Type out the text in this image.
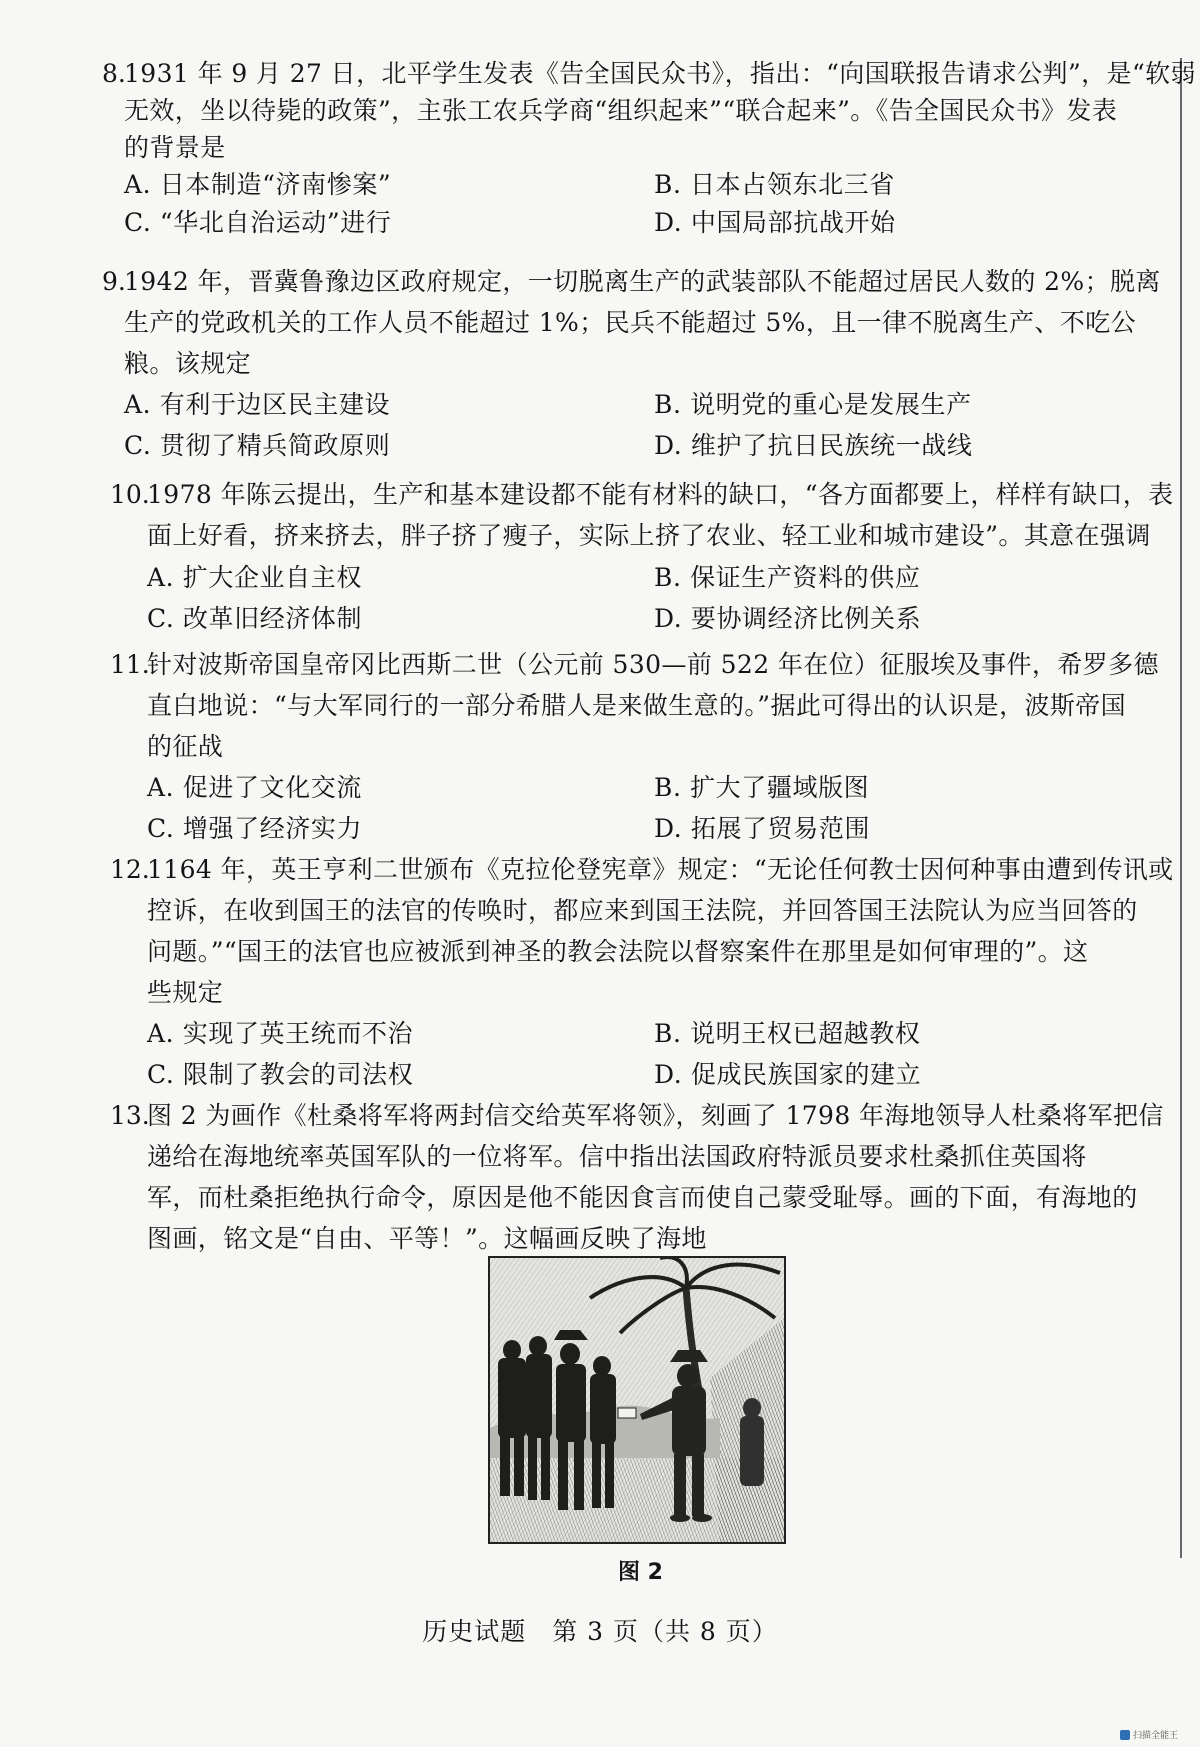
8.
1931 年 9 月 27 日，北平学生发表《告全国民众书》，指出：“向国联报告请求公判”，是“软弱
无效，坐以待毙的政策”，主张工农兵学商“组织起来”“联合起来”。《告全国民众书》发表
的背景是
A. 日本制造“济南惨案”	B. 日本占领东北三省
C. “华北自治运动”进行	D. 中国局部抗战开始
9.
1942 年，晋冀鲁豫边区政府规定，一切脱离生产的武装部队不能超过居民人数的 2%；脱离
生产的党政机关的工作人员不能超过 1%；民兵不能超过 5%，且一律不脱离生产、不吃公
粮。该规定
A. 有利于边区民主建设	B. 说明党的重心是发展生产
C. 贯彻了精兵简政原则	D. 维护了抗日民族统一战线
10.
1978 年陈云提出，生产和基本建设都不能有材料的缺口，“各方面都要上，样样有缺口，表
面上好看，挤来挤去，胖子挤了瘦子，实际上挤了农业、轻工业和城市建设”。其意在强调
A. 扩大企业自主权	B. 保证生产资料的供应
C. 改革旧经济体制	D. 要协调经济比例关系
11.
针对波斯帝国皇帝冈比西斯二世（公元前 530—前 522 年在位）征服埃及事件，希罗多德
直白地说：“与大军同行的一部分希腊人是来做生意的。”据此可得出的认识是，波斯帝国
的征战
A. 促进了文化交流	B. 扩大了疆域版图
C. 增强了经济实力	D. 拓展了贸易范围
12.
1164 年，英王亨利二世颁布《克拉伦登宪章》规定：“无论任何教士因何种事由遭到传讯或
控诉，在收到国王的法官的传唤时，都应来到国王法院，并回答国王法院认为应当回答的
问题。”“国王的法官也应被派到神圣的教会法院以督察案件在那里是如何审理的”。这
些规定
A. 实现了英王统而不治	B. 说明王权已超越教权
C. 限制了教会的司法权	D. 促成民族国家的建立
13.
图 2 为画作《杜桑将军将两封信交给英军将领》，刻画了 1798 年海地领导人杜桑将军把信
递给在海地统率英国军队的一位将军。信中指出法国政府特派员要求杜桑抓住英国将
军，而杜桑拒绝执行命令，原因是他不能因食言而使自己蒙受耻辱。画的下面，有海地的
图画，铭文是“自由、平等！”。这幅画反映了海地
图 2
历史试题　第 3 页（共 8 页）
扫描全能王
